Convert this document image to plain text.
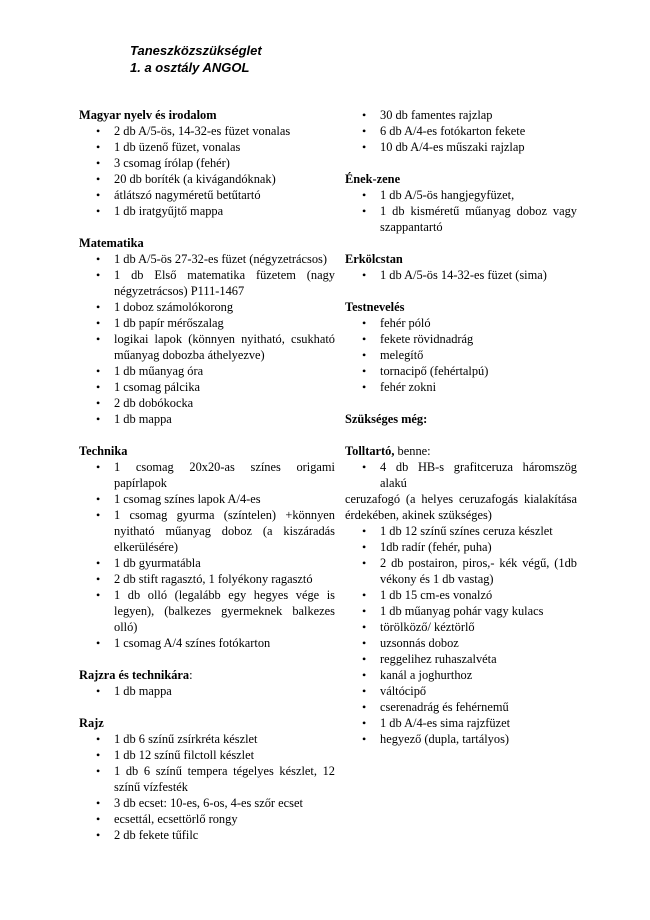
Taneszközszükséglet
1. a osztály ANGOL

Magyar nyelv és irodalom

• 2 db A/5-ös, 14-32-es füzet vonalas
• 1 db üzenő füzet, vonalas
• 3 csomag írólap (fehér)
• 20 db boríték (a kivágandóknak)
• átlátszó nagyméretű betűtartó
• 1 db iratgyűjtő mappa

Matematika

• 1 db A/5-ös 27-32-es füzet (négyzetrácsos)
• 1 db Első matematika füzetem (nagy négyzetrácsos) P111-1467
• 1 doboz számolókorong
• 1 db papír mérőszalag
• logikai lapok (könnyen nyitható, csukható műanyag dobozba áthelyezve)
• 1 db műanyag óra
• 1 csomag pálcika
• 2 db dobókocka
• 1 db mappa

Technika

• 1 csomag 20x20-as színes origami papírlapok
• 1 csomag színes lapok A/4-es
• 1 csomag gyurma (színtelen) +könnyen nyitható műanyag doboz (a kiszáradás elkerülésére)
• 1 db gyurmatábla
• 2 db stift ragasztó, 1 folyékony ragasztó
• 1 db olló (legalább egy hegyes vége is legyen), (balkezes gyermeknek balkezes olló)
• 1 csomag A/4 színes fotókarton

Rajzra és technikára:

• 1 db mappa

Rajz

• 1 db 6 színű zsírkréta készlet
• 1 db 12 színű filctoll készlet
• 1 db 6 színű tempera tégelyes készlet, 12 színű vízfesték
• 3 db ecset: 10-es, 6-os, 4-es szőr ecset
• ecsettál, ecsettörlő rongy
• 2 db fekete tűfilc
• 30 db famentes rajzlap
• 6 db A/4-es fotókarton fekete
• 10 db A/4-es műszaki rajzlap

Ének-zene

• 1 db A/5-ös hangjegyfüzet,
• 1 db kisméretű műanyag doboz vagy szappantartó

Erkölcstan

• 1 db A/5-ös 14-32-es füzet (sima)

Testnevelés

• fehér póló
• fekete rövidnadrág
• melegítő
• tornacipő (fehértalpú)
• fehér zokni

Szükséges még:

Tolltartó, benne:

• 4 db HB-s grafitceruza háromszög alakú

ceruzafogó (a helyes ceruzafogás kialakítása érdekében, akinek szükséges)

• 1 db 12 színű színes ceruza készlet
• 1db radír (fehér, puha)
• 2 db postairon, piros,- kék végű, (1db vékony és 1 db vastag)
• 1 db 15 cm-es vonalzó
• 1 db műanyag pohár vagy kulacs
• törölköző/ kéztörlő
• uzsonnás doboz
• reggelihez ruhaszalvéta
• kanál a joghurthoz
• váltócipő
• cserenadrág és fehérnemű
• 1 db A/4-es sima rajzfüzet
• hegyező (dupla, tartályos)
